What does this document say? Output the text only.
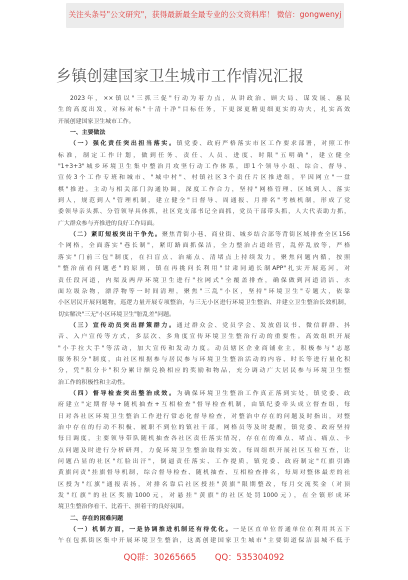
关注头条号"公文研究"，获得最新最全最专业的公文资料库！ 微信：gongwenyj
乡镇创建国家卫生城市工作情况汇报
2023年，××镇以"三抓三促"行动为着力点，从讲政治、顾大局、谋发展、惠民
生的高度出发，对标对标"十清十净"目标任务，下更深更精更细更实的功夫，扎实高效
开展创建国家卫生城市工作。
一、主要做法
（一）强化责任突出担当落实。镇党委、政府严格落实市区工作要求部署，对照工作
标准，制定工作计划，做到任务、责任、人员、进度、时限"五明确"，建立健全
"1+3+3"城乡环境卫生集中整治月攻坚行动工作体系，即1个领导小组、综合、督导、
宣传3个工作专班和城市、"城中村"、村镇社区3个责任片区推进组，平因网立"一盘
棋"推进。主动与相关部门沟通协调，深度工作合力，坚持"网格管理、区域到人、落实
到人，规范到人"管理机制，建立健全"日督导、周通报、月排名"考核机制，形成了党
委领导亲头抓、分管领导具体抓，社区党支部书记全面抓，党员干部带头抓，人大代表助力抓，
广大群众参与齐推进的良好工作局面。
（二）紧盯短板突出干争先。聚焦背街小巷、商业街、城乡结合部等背街区域排查全区156
个网格，全面落实"巷长制"，紧盯路面抓保洁，全力整治占道经营，乱停乱放等，严格
落实"门前三包"制度，在扫盲点、治痛点、清堵点上持续发力，聚焦问题内循，按照
"整治前看问题老"的原则，镇在再挑问长利用"甘肃同通长制APP"扎实开展巡河，对
责任段河道，内渠及两岸环境卫生进行"拉网式"全覆盖排查，确保做到河道清洁、水
面垃圾杂物，漂浮物等一时间清理，聚焦"三乱"小区，坚持"环境卫生"专题大，依靠
小区居民开展问题物，巡逻力量开展专项整治，与三无小区进行环境卫生整治、并建立卫生整治长效机制，
切实解决"三无"小区环境卫生"脏乱差"问题。
（三）宣传动员突出群策群力。通过群众会、党员学会、发放倡议书、微信群群、抖
音、入户宣传等方式，多层次、多角度宣传环境卫生整治行动的重要性。高效组织开展
"小手拉大手"等活动，加大宣传和发动力度。动员辖区企业商铺业主，积极参与"志愿
服务积分"制度，由社区根据参与居民参与环境卫生整治活动的内容、时长等进行量化积
分，凭"积分卡"积分累计额兑换相应的奖励和物品，充分调动广大居民参与环境卫生整
治工作的积极性和主动性。
（四）督导检查突出整治成效。为确保环境卫生整治工作真正落到实处，镇党委、政
府建立"定期督导+随机抽查+互相检查"督导检查机制，由镇纪委牵头成立督查组，每
日对各社区环境卫生整治工作进行常态化督导检查，对整治中存在的问题及时指出，对整
治中存在的行动不积极、履职不到位的镇社干部，网格员等及时提醒，镇党委、政府坚持
每日调度，主要领导带队随机抽查各社区责任落实情况，存在在的难点、堵点、痛点、卡
点问题及时进行分析研判，力促环境卫生整治取得实效。每周组织开展社区互检互查，让
问题凸显的社区"红脸出汗"，倒逼责任落实、工作提质，镇党委、政府制定"红旗引路
黄旗问责"挂旗督导机制，综合督导检查、随机抽查、互相检查排名，每周对整体最差的社
区授为"红旗"通报表扬，对排名靠后社区授挂"黄旗"限期整改，每月交流奖金（对顶
发"红旗"的社区奖励1000元，对悬挂"黄旗"的社区处罚1000元），在全镇形成环
境卫生整治你看干、比着干、拼着干的良好氛围。
二、存在的困难问题
（一）机制方面，一是协调推进机制还有待优化。一是区直单位普通单位在利用其五下
午在包抓街区集中开展环境卫生整治，这离创建国家卫生城市"主要街道保洁县城不低于
QQ群：30265665 QQ：535304092
